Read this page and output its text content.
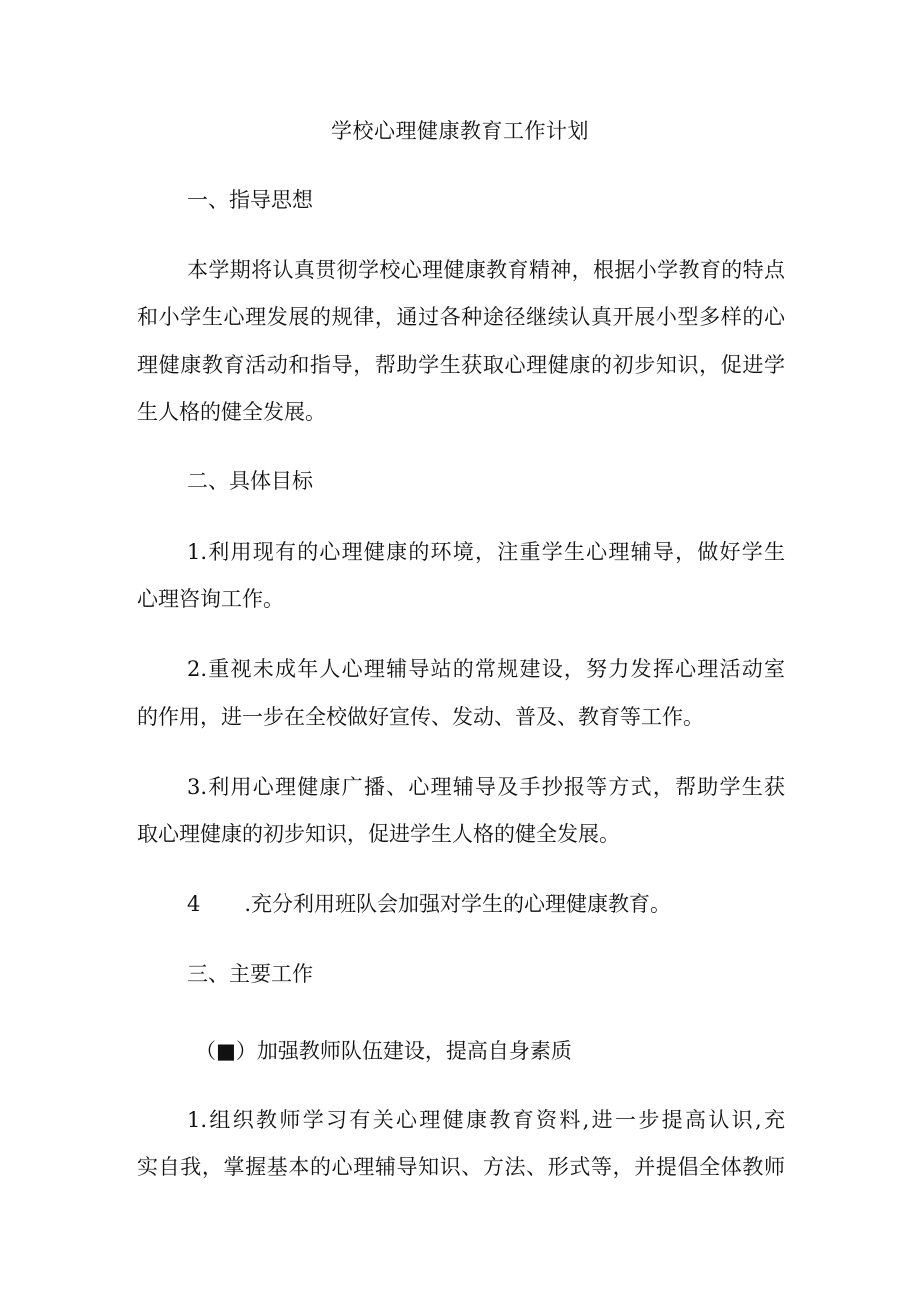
学校心理健康教育工作计划
一、指导思想
本学期将认真贯彻学校心理健康教育精神，根据小学教育的特点
和小学生心理发展的规律，通过各种途径继续认真开展小型多样的心
理健康教育活动和指导，帮助学生获取心理健康的初步知识，促进学
生人格的健全发展。
二、具体目标
1.利用现有的心理健康的环境，注重学生心理辅导，做好学生
心理咨询工作。
2.重视未成年人心理辅导站的常规建设，努力发挥心理活动室
的作用，进一步在全校做好宣传、发动、普及、教育等工作。
3.利用心理健康广播、心理辅导及手抄报等方式，帮助学生获
取心理健康的初步知识，促进学生人格的健全发展。
4 .充分利用班队会加强对学生的心理健康教育。
三、主要工作
（■）加强教师队伍建设，提高自身素质
1.组织教师学习有关心理健康教育资料,进一步提高认识,充
实自我，掌握基本的心理辅导知识、方法、形式等，并提倡全体教师
